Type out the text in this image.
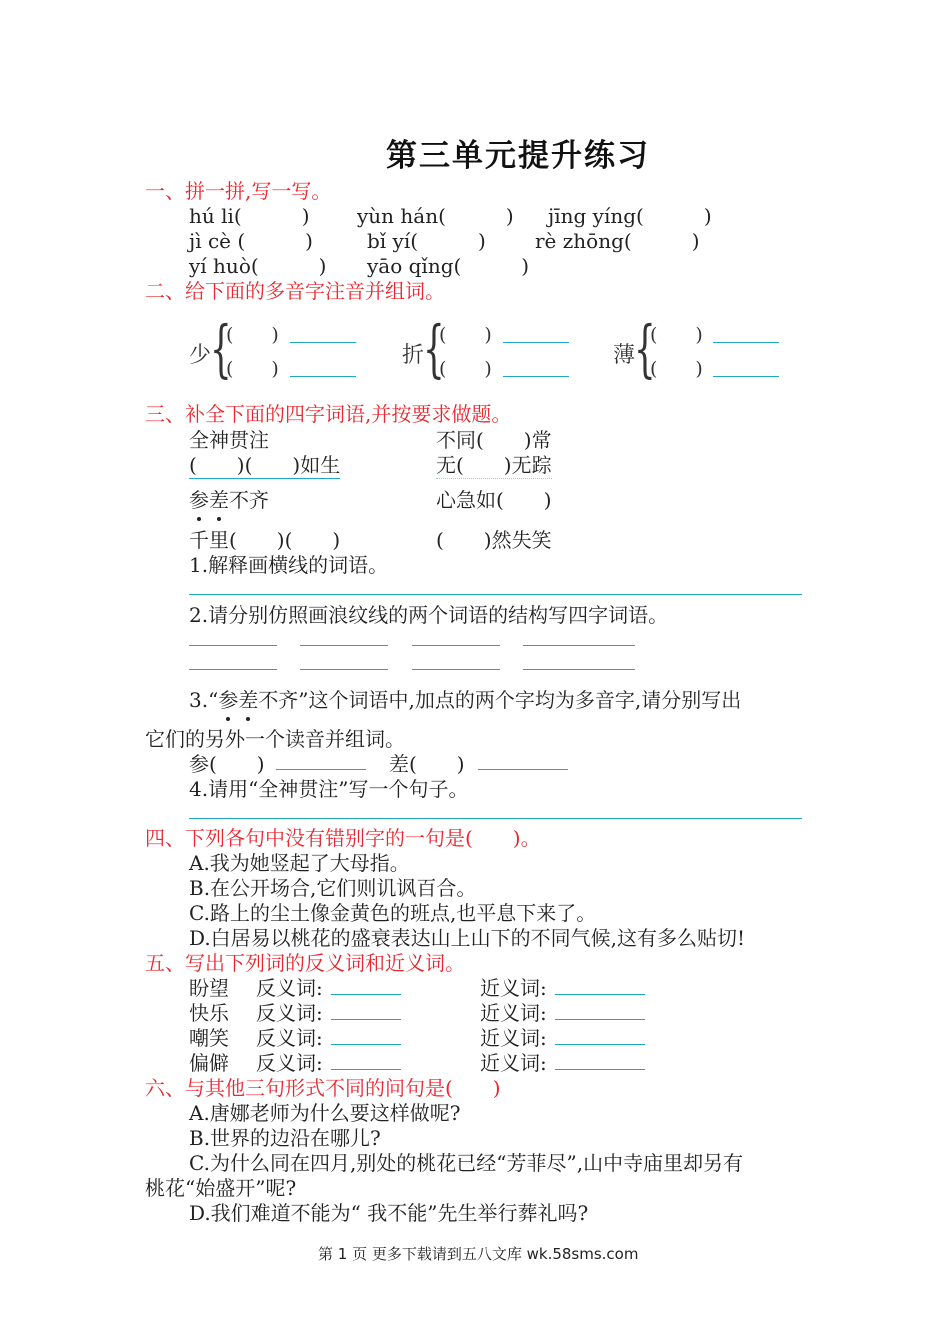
第三单元提升练习
一、拼一拼,写一写。
hú li(　　　) yùn hán(　　　) jīng yíng(　　　)
jì cè (　　　)	bǐ yí(　　　) rè zhōng(　　　)
yí huò(　　　) yāo qǐng(　　　)
二、给下面的多音字注音并组词。
少
{
(　　)
(　　)
折
{
(　　)
(　　)
薄
{
(　　)
(　　)
三、补全下面的四字词语,并按要求做题。
全神贯注	不同(　　)常
(　　)(　　)如生	无(　　)无踪
参差不齐	心急如(　　)
千里(　　)(　　)	(　　)然失笑
1.解释画横线的词语。
2.请分别仿照画浪纹线的两个词语的结构写四字词语。
3.“参差不齐”这个词语中,加点的两个字均为多音字,请分别写出
它们的另外一个读音并组词。
参(　　)	差(　　)
4.请用“全神贯注”写一个句子。
四、下列各句中没有错别字的一句是(　　)。
A.我为她竖起了大母指。
B.在公开场合,它们则讥讽百合。
C.路上的尘土像金黄色的班点,也平息下来了。
D.白居易以桃花的盛衰表达山上山下的不同气候,这有多么贴切!
五、写出下列词的反义词和近义词。
盼望 反义词:	近义词:
快乐 反义词:	近义词:
嘲笑 反义词:	近义词:
偏僻 反义词:	近义词:
六、与其他三句形式不同的问句是(　　)
A.唐娜老师为什么要这样做呢?
B.世界的边沿在哪儿?
C.为什么同在四月,别处的桃花已经“芳菲尽”,山中寺庙里却另有
桃花“始盛开”呢?
D.我们难道不能为“ 我不能”先生举行葬礼吗?
第 1 页 更多下载请到五八文库 wk.58sms.com
